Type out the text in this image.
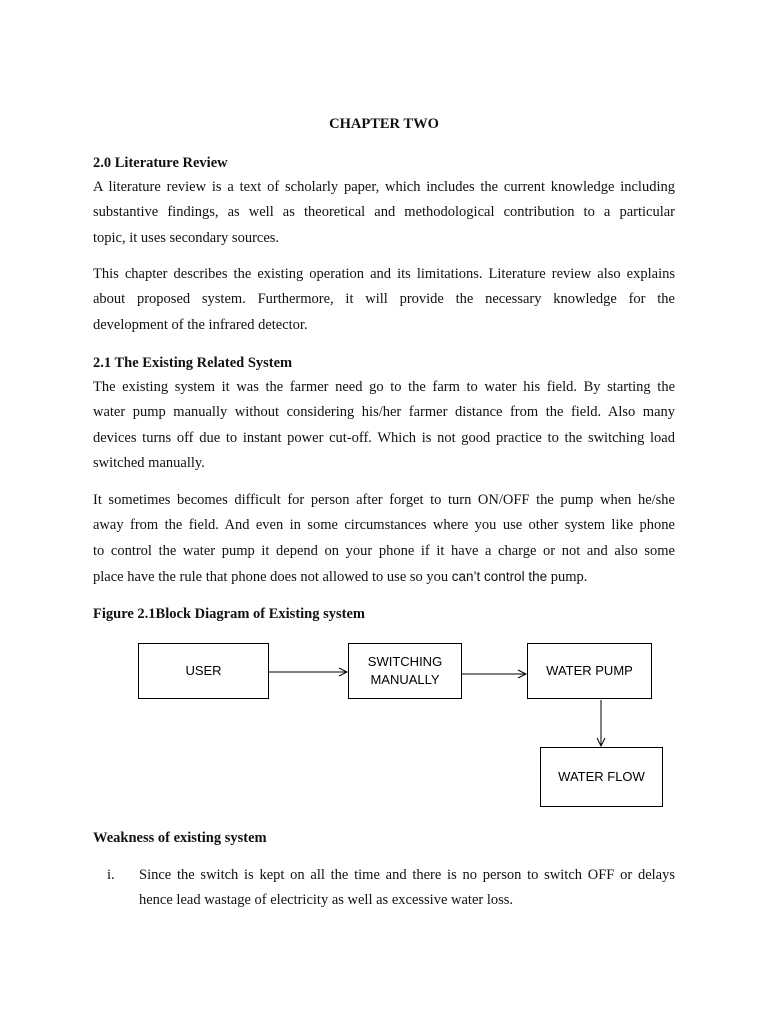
CHAPTER TWO
2.0 Literature Review
A literature review is a text of scholarly paper, which includes the current knowledge including
substantive findings, as well as theoretical and methodological contribution to a particular
topic, it uses secondary sources.
This chapter describes the existing operation and its limitations. Literature review also explains
about proposed system. Furthermore, it will provide the necessary knowledge for the
development of the infrared detector.
2.1 The Existing Related System
The existing system it was the farmer need go to the farm to water his field. By starting the
water pump manually without considering his/her farmer distance from the field. Also many
devices turns off due to instant power cut-off. Which is not good practice to the switching load
switched manually.
It sometimes becomes difficult for person after forget to turn ON/OFF the pump when he/she
away from the field. And even in some circumstances where you use other system like phone
to control the water pump it depend on your phone if it have a charge or not and also some
place have the rule that phone does not allowed to use so you can’t control the pump.
Figure 2.1Block Diagram of Existing system
Weakness of existing system
i. Since the switch is kept on all the time and there is no person to switch OFF or delays
hence lead wastage of electricity as well as excessive water loss.
USER
SWITCHING
MANUALLY
WATER PUMP
WATER FLOW
